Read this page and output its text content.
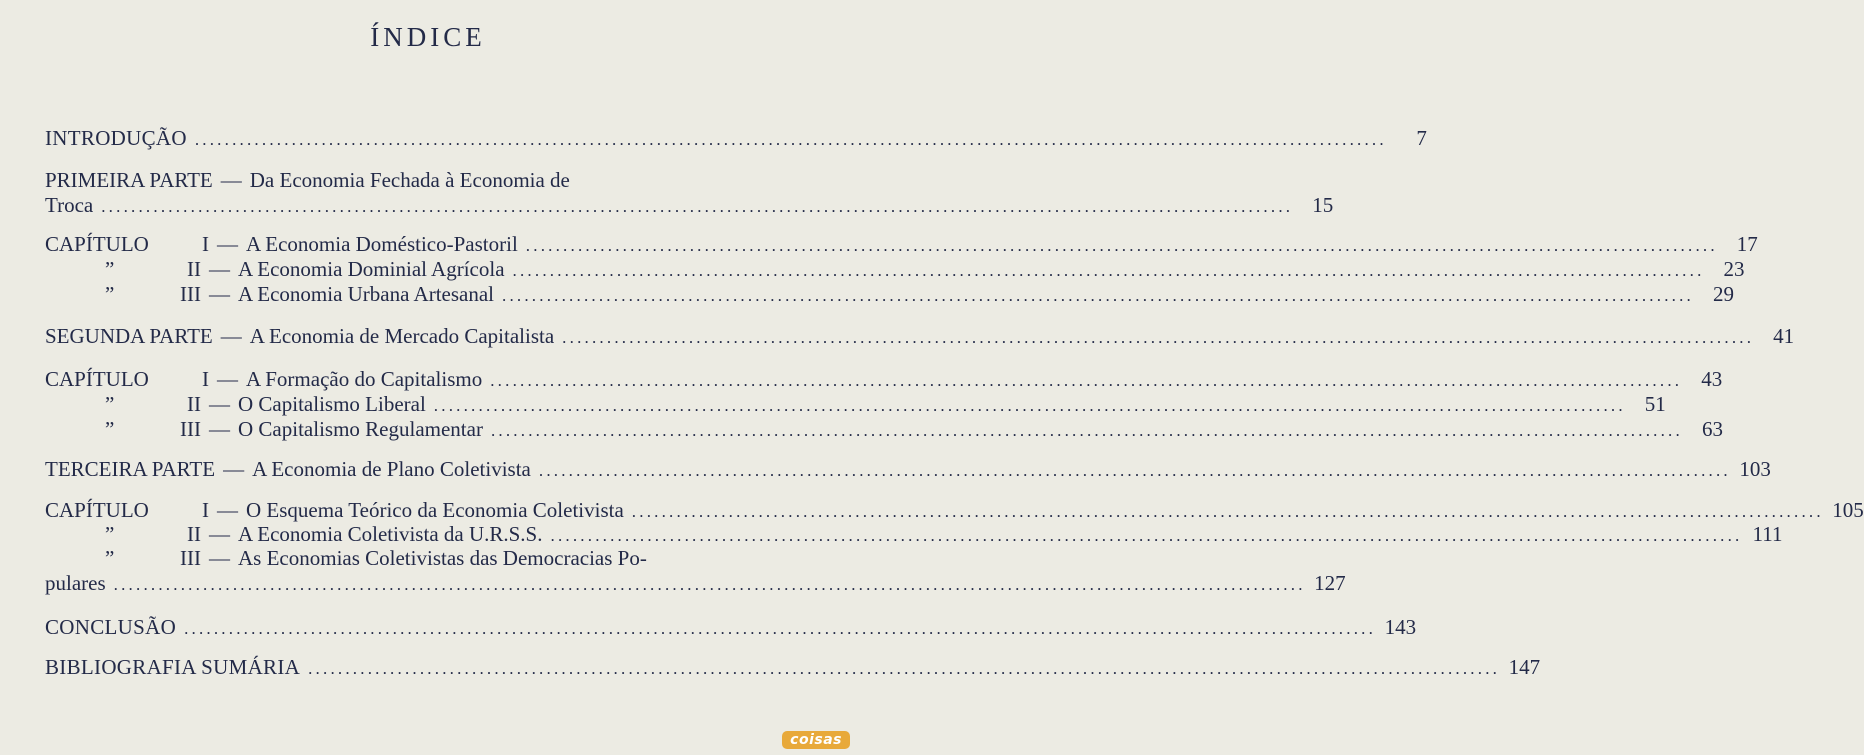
ÍNDICE
INTRODUÇÃO ................................................................................................................................................................	7
PRIMEIRA PARTE — Da Economia Fechada à Economia de
Troca ................................................................................................................................................................ 15
CAPÍTULO	I — A Economia Doméstico-Pastoril ................................................................................................................................................................ 17
”	II — A Economia Dominial Agrícola ................................................................................................................................................................ 23
”	III — A Economia Urbana Artesanal ................................................................................................................................................................ 29
SEGUNDA PARTE — A Economia de Mercado Capitalista ................................................................................................................................................................ 41
CAPÍTULO	I — A Formação do Capitalismo ................................................................................................................................................................ 43
”	II — O Capitalismo Liberal ................................................................................................................................................................ 51
”	III — O Capitalismo Regulamentar ................................................................................................................................................................ 63
TERCEIRA PARTE — A Economia de Plano Coletivista ................................................................................................................................................................ 103
CAPÍTULO	I — O Esquema Teórico da Economia Coletivista ................................................................................................................................................................ 105
”	II — A Economia Coletivista da U.R.S.S. ................................................................................................................................................................ 111
”	III — As Economias Coletivistas das Democracias Po-
pulares ................................................................................................................................................................ 127
CONCLUSÃO ................................................................................................................................................................ 143
BIBLIOGRAFIA SUMÁRIA ................................................................................................................................................................ 147
coisas
